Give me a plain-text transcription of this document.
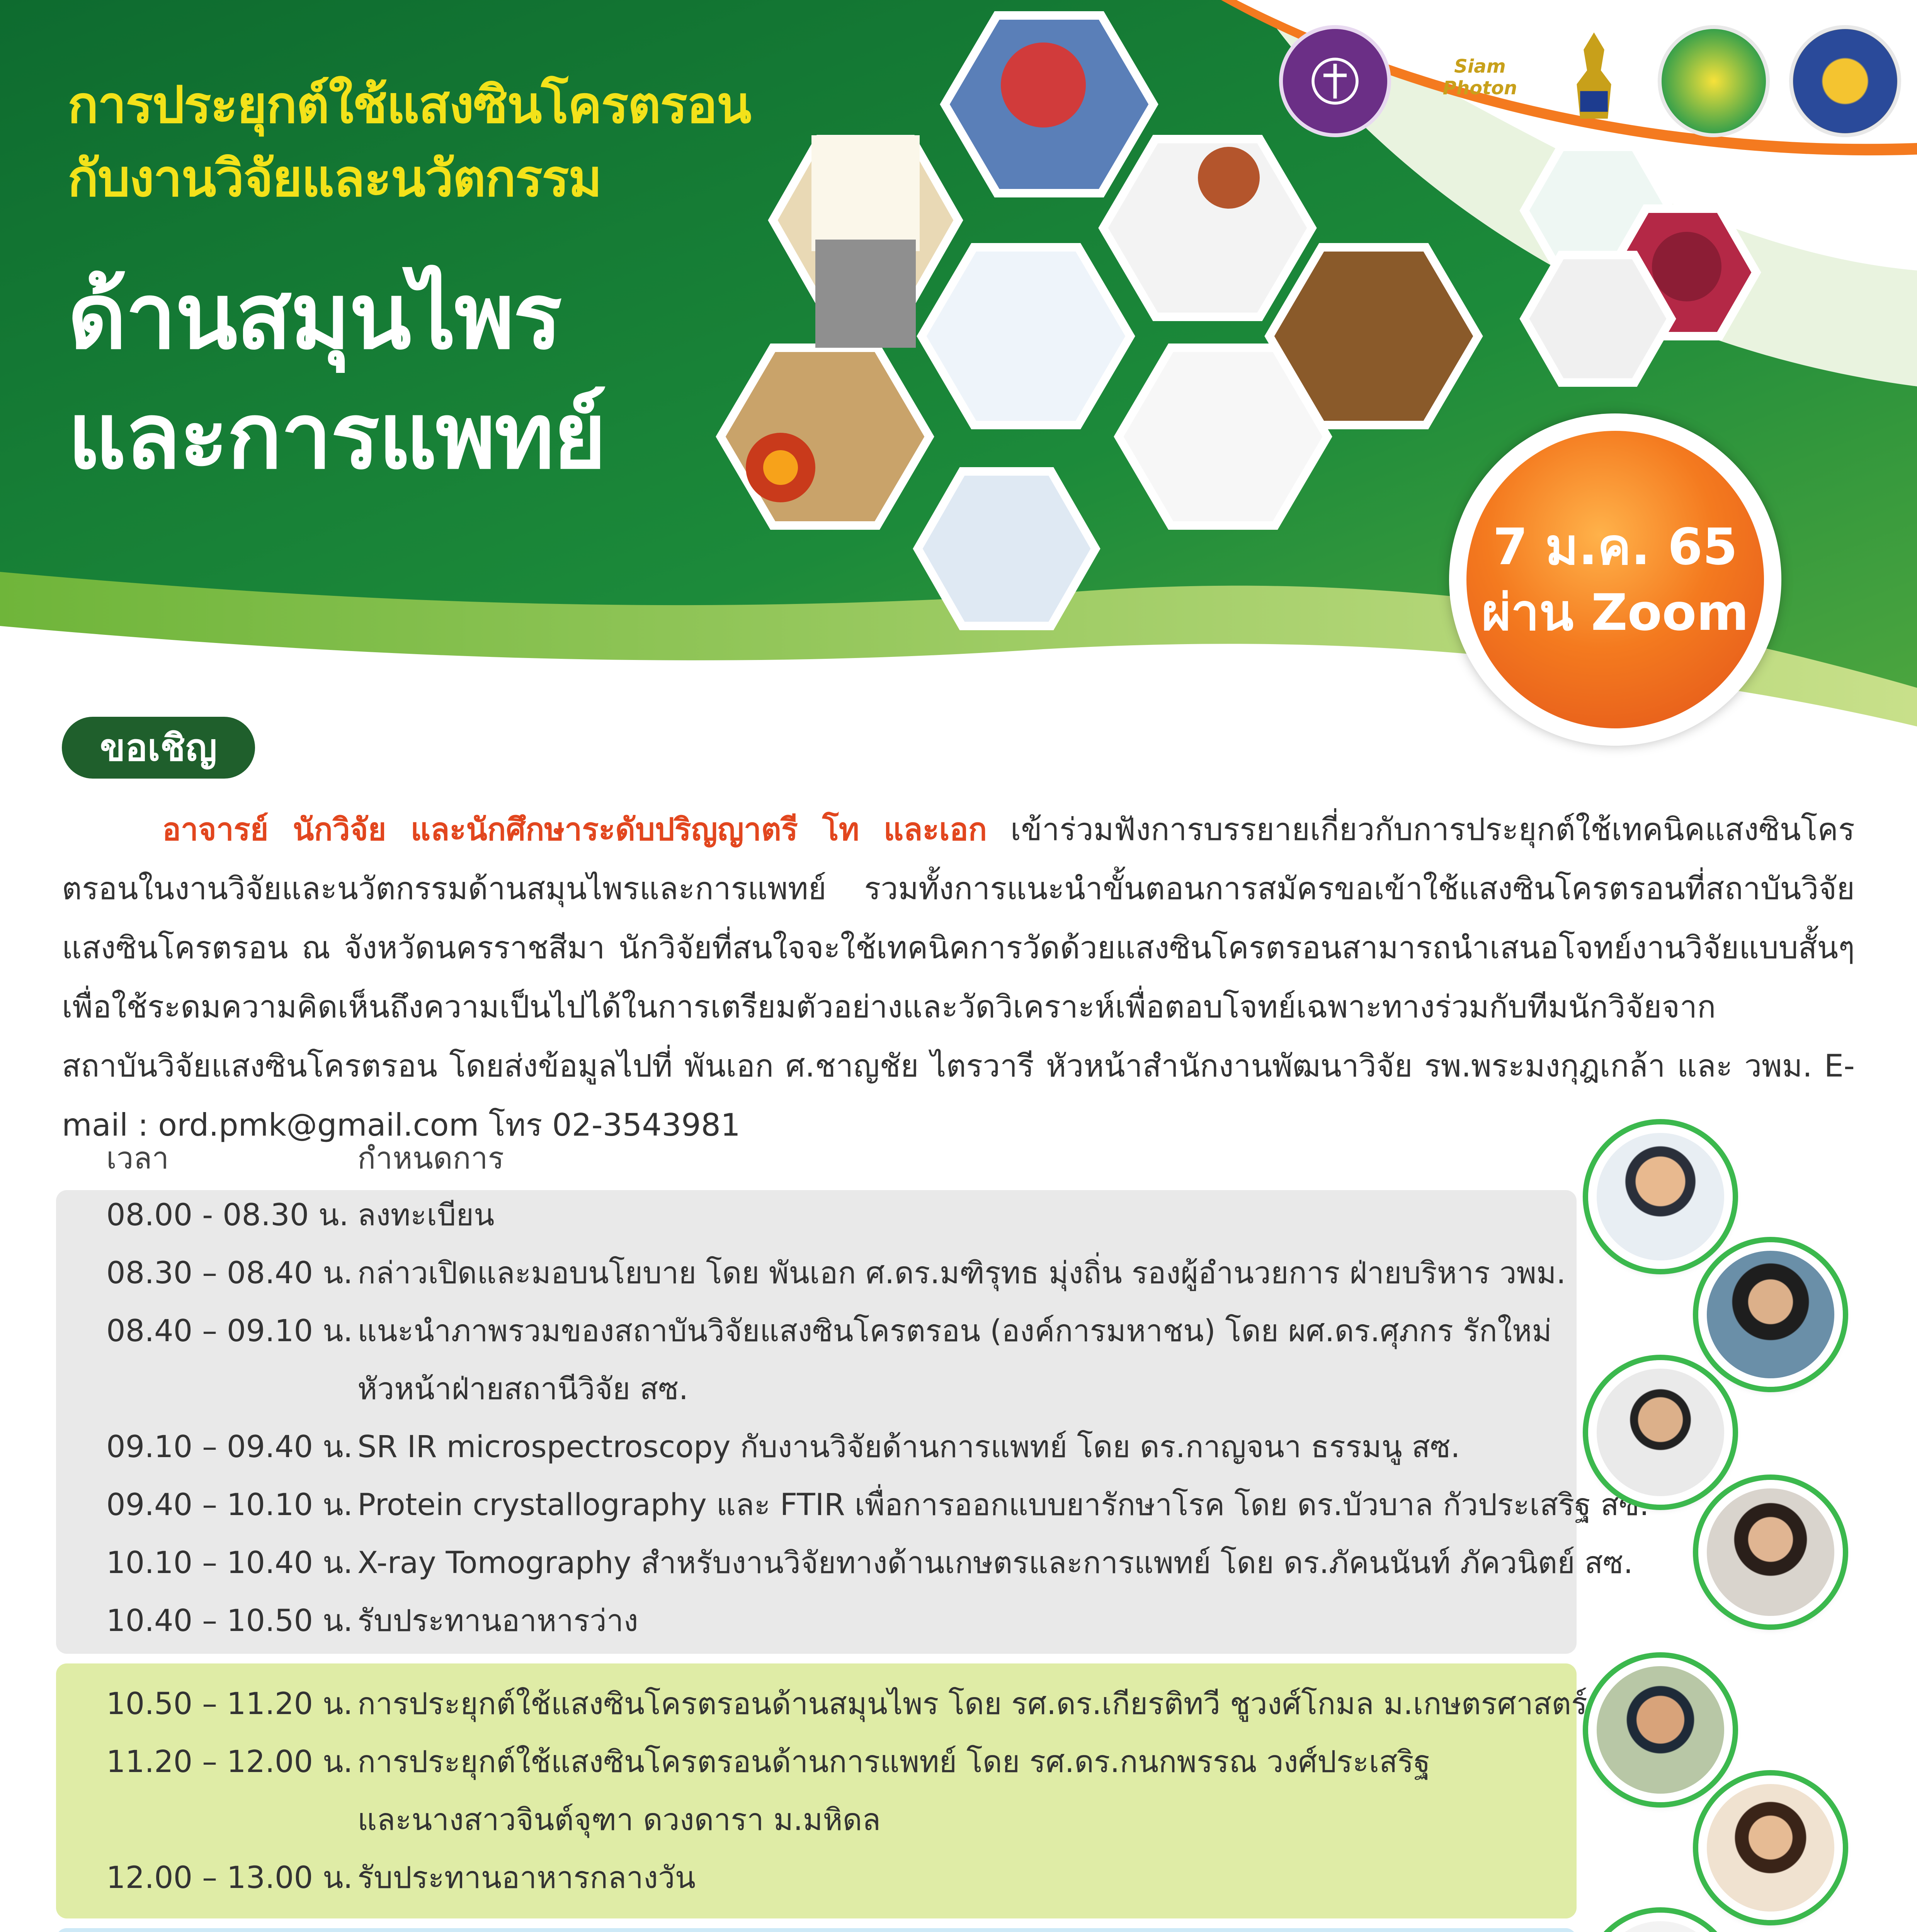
การประยุกต์ใช้แสงซินโครตรอน
กับงานวิจัยและนวัตกรรม
ด้านสมุนไพร
และการแพทย์
Siam Photon
7 ม.ค. 65
ผ่าน Zoom
ขอเชิญ
อาจารย์ นักวิจัย และนักศึกษาระดับปริญญาตรี โท และเอก เข้าร่วมฟังการบรรยายเกี่ยวกับการประยุกต์ใช้เทคนิคแสงซินโครตรอนในงานวิจัยและนวัตกรรมด้านสมุนไพรและการแพทย์ รวมทั้งการแนะนำขั้นตอนการสมัครขอเข้าใช้แสงซินโครตรอนที่สถาบันวิจัยแสงซินโครตรอน ณ จังหวัดนครราชสีมา นักวิจัยที่สนใจจะใช้เทคนิคการวัดด้วยแสงซินโครตรอนสามารถนำเสนอโจทย์งานวิจัยแบบสั้นๆ เพื่อใช้ระดมความคิดเห็นถึงความเป็นไปได้ในการเตรียมตัวอย่างและวัดวิเคราะห์เพื่อตอบโจทย์เฉพาะทางร่วมกับทีมนักวิจัยจากสถาบันวิจัยแสงซินโครตรอน โดยส่งข้อมูลไปที่ พันเอก ศ.ชาญชัย ไตรวารี หัวหน้าสำนักงานพัฒนาวิจัย รพ.พระมงกุฎเกล้า และ วพม. E-mail : ord.pmk@gmail.com โทร 02-3543981
เวลา	กำหนดการ
08.00 - 08.30 น. ลงทะเบียน
08.30 – 08.40 น. กล่าวเปิดและมอบนโยบาย โดย พันเอก ศ.ดร.มฑิรุทธ มุ่งถิ่น รองผู้อำนวยการ ฝ่ายบริหาร วพม.
08.40 – 09.10 น. แนะนำภาพรวมของสถาบันวิจัยแสงซินโครตรอน (องค์การมหาชน) โดย ผศ.ดร.ศุภกร รักใหม่
หัวหน้าฝ่ายสถานีวิจัย สซ.
09.10 – 09.40 น. SR IR microspectroscopy กับงานวิจัยด้านการแพทย์ โดย ดร.กาญจนา ธรรมนู สซ.
09.40 – 10.10 น. Protein crystallography และ FTIR เพื่อการออกแบบยารักษาโรค โดย ดร.บัวบาล กัวประเสริฐ สซ.
10.10 – 10.40 น. X-ray Tomography สำหรับงานวิจัยทางด้านเกษตรและการแพทย์ โดย ดร.ภัคนนันท์ ภัควนิตย์ สซ.
10.40 – 10.50 น. รับประทานอาหารว่าง
10.50 – 11.20 น. การประยุกต์ใช้แสงซินโครตรอนด้านสมุนไพร โดย รศ.ดร.เกียรติทวี ชูวงศ์โกมล ม.เกษตรศาสตร์
11.20 – 12.00 น. การประยุกต์ใช้แสงซินโครตรอนด้านการแพทย์ โดย รศ.ดร.กนกพรรณ วงศ์ประเสริฐ
และนางสาวจินต์จุฑา ดวงดารา ม.มหิดล
12.00 – 13.00 น. รับประทานอาหารกลางวัน
